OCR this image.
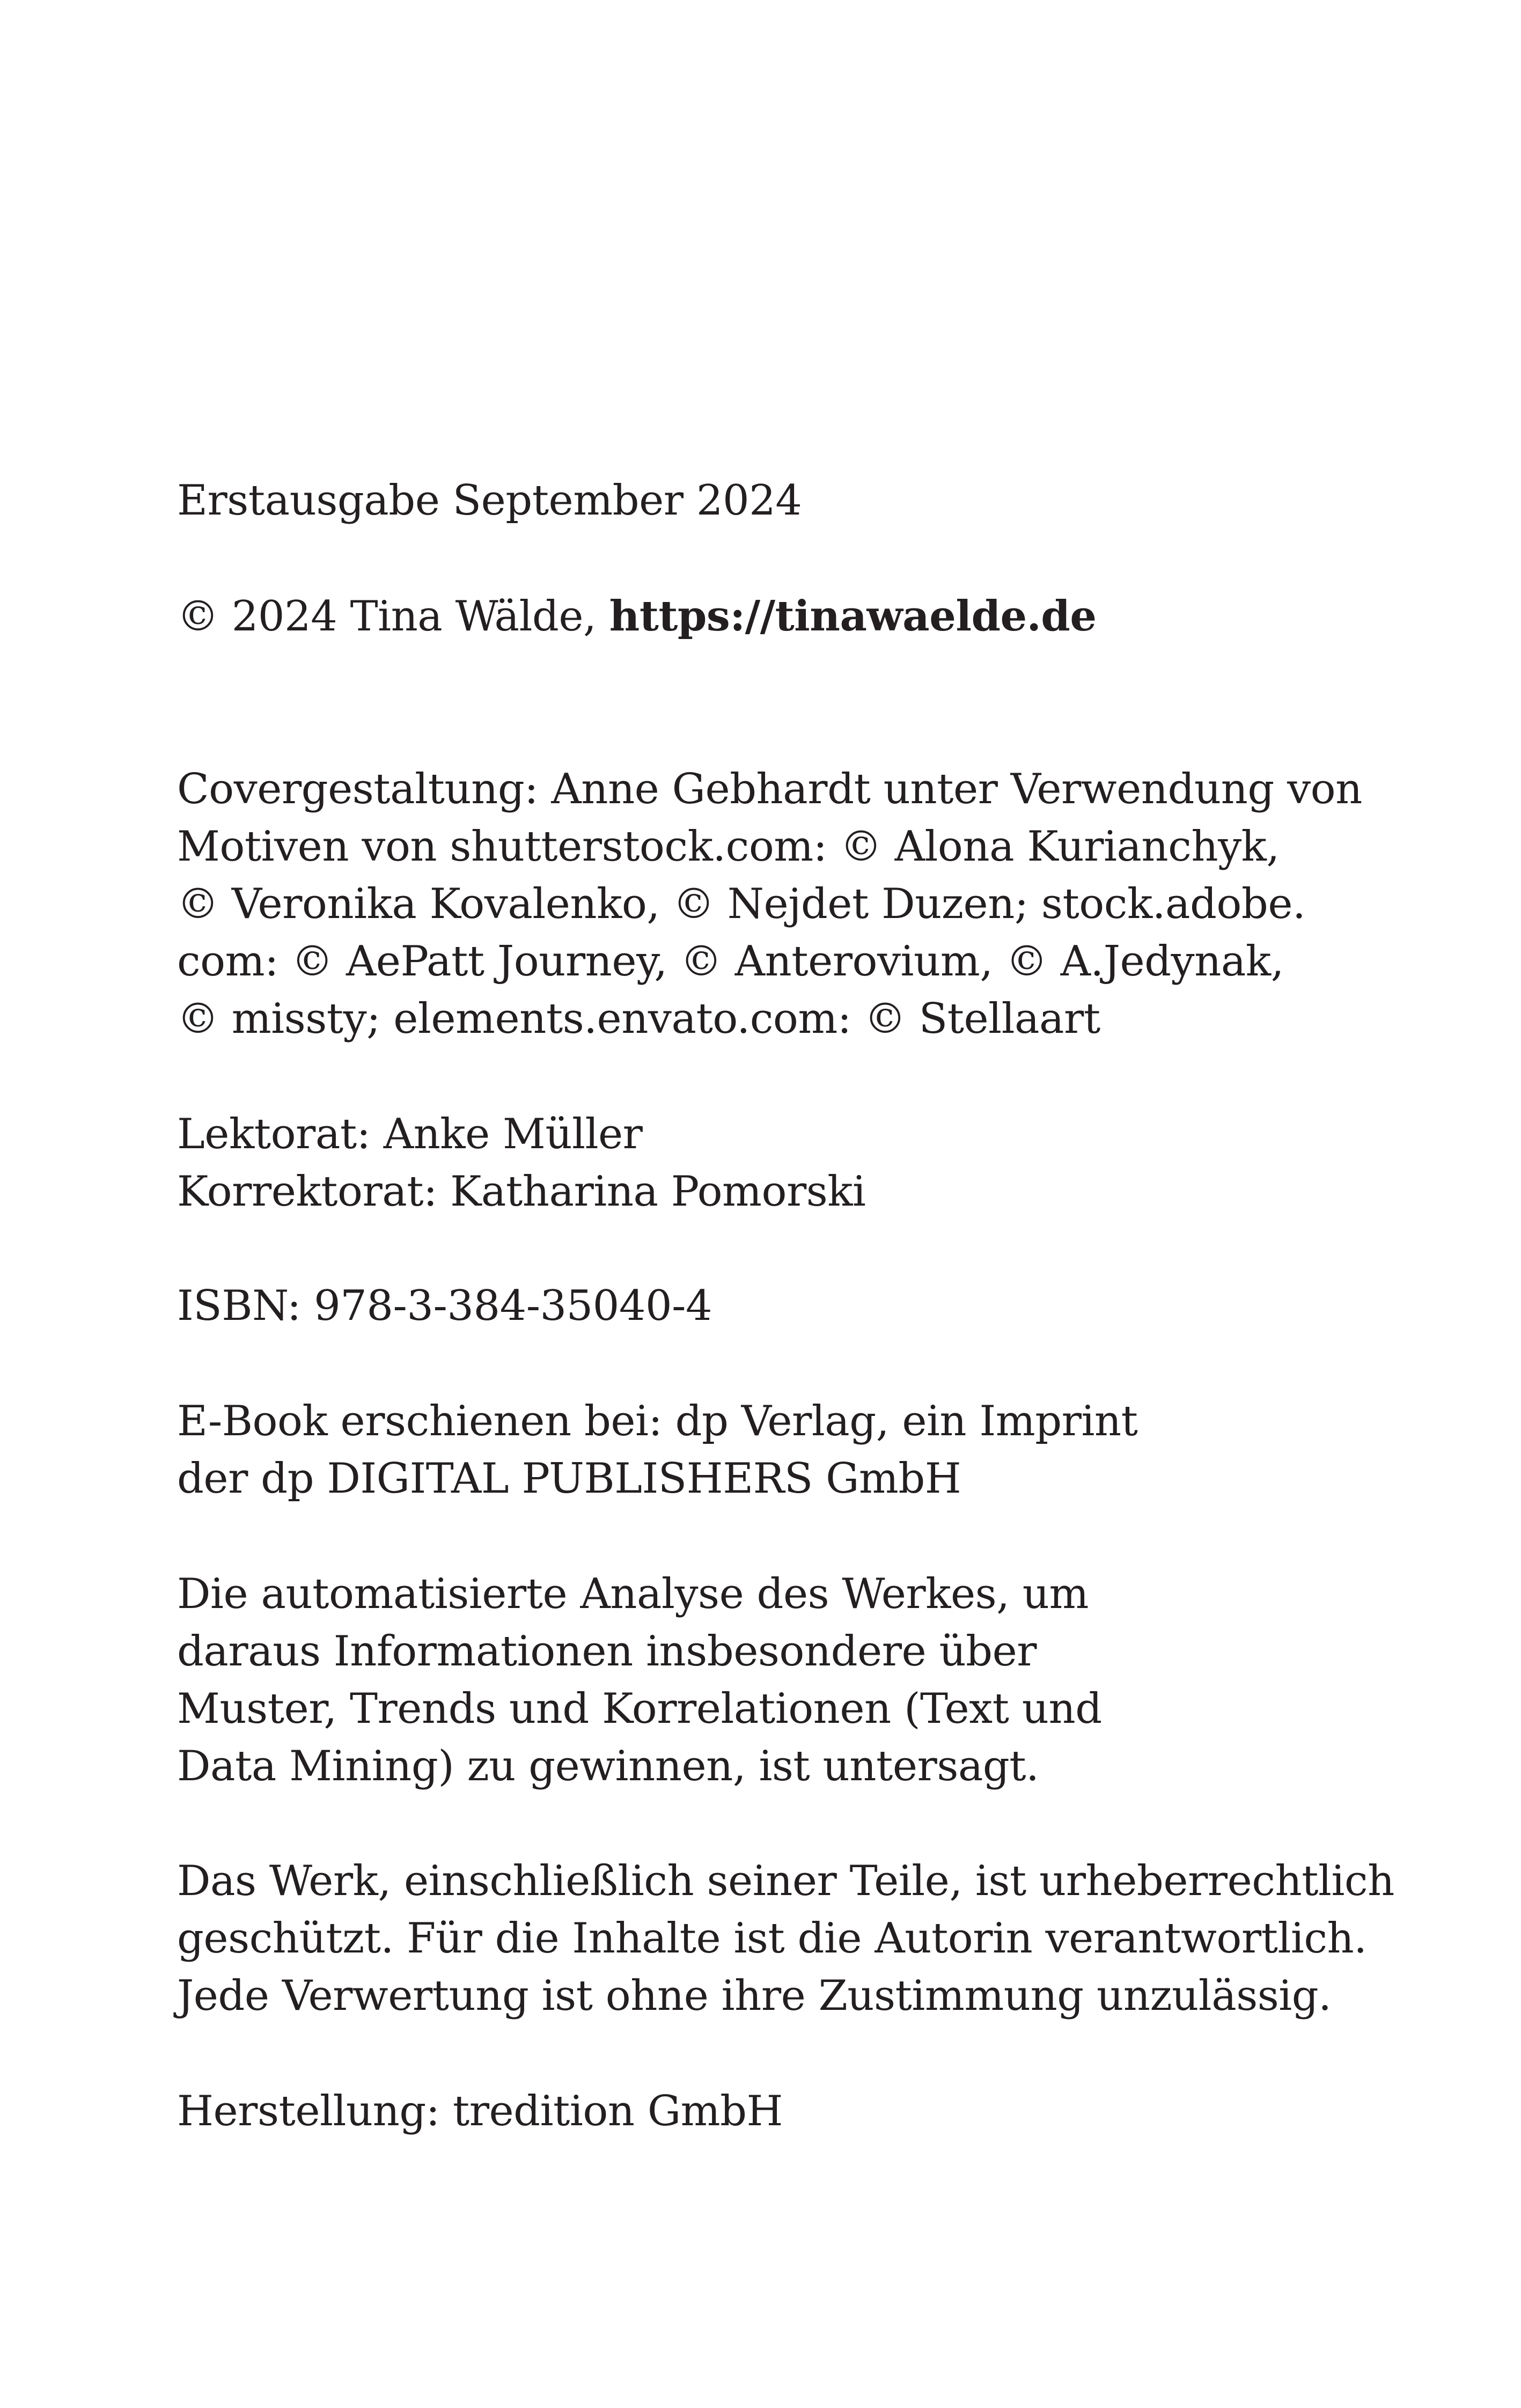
Erstausgabe September 2024

© 2024 Tina Wälde, https://tinawaelde.de

Covergestaltung: Anne Gebhardt unter Verwendung von
Motiven von shutterstock.com: © Alona Kurianchyk,
© Veronika Kovalenko, © Nejdet Duzen; stock.adobe.
com: © AePatt Journey, © Anterovium, © A.Jedynak,
© missty; elements.envato.com: © Stellaart

Lektorat: Anke Müller
Korrektorat: Katharina Pomorski

ISBN: 978-3-384-35040-4

E-Book erschienen bei: dp Verlag, ein Imprint
der dp DIGITAL PUBLISHERS GmbH

Die automatisierte Analyse des Werkes, um
daraus Informationen insbesondere über
Muster, Trends und Korrelationen (Text und
Data Mining) zu gewinnen, ist untersagt.

Das Werk, einschließlich seiner Teile, ist urheberrechtlich
geschützt. Für die Inhalte ist die Autorin verantwortlich.
Jede Verwertung ist ohne ihre Zustimmung unzulässig.

Herstellung: tredition GmbH
